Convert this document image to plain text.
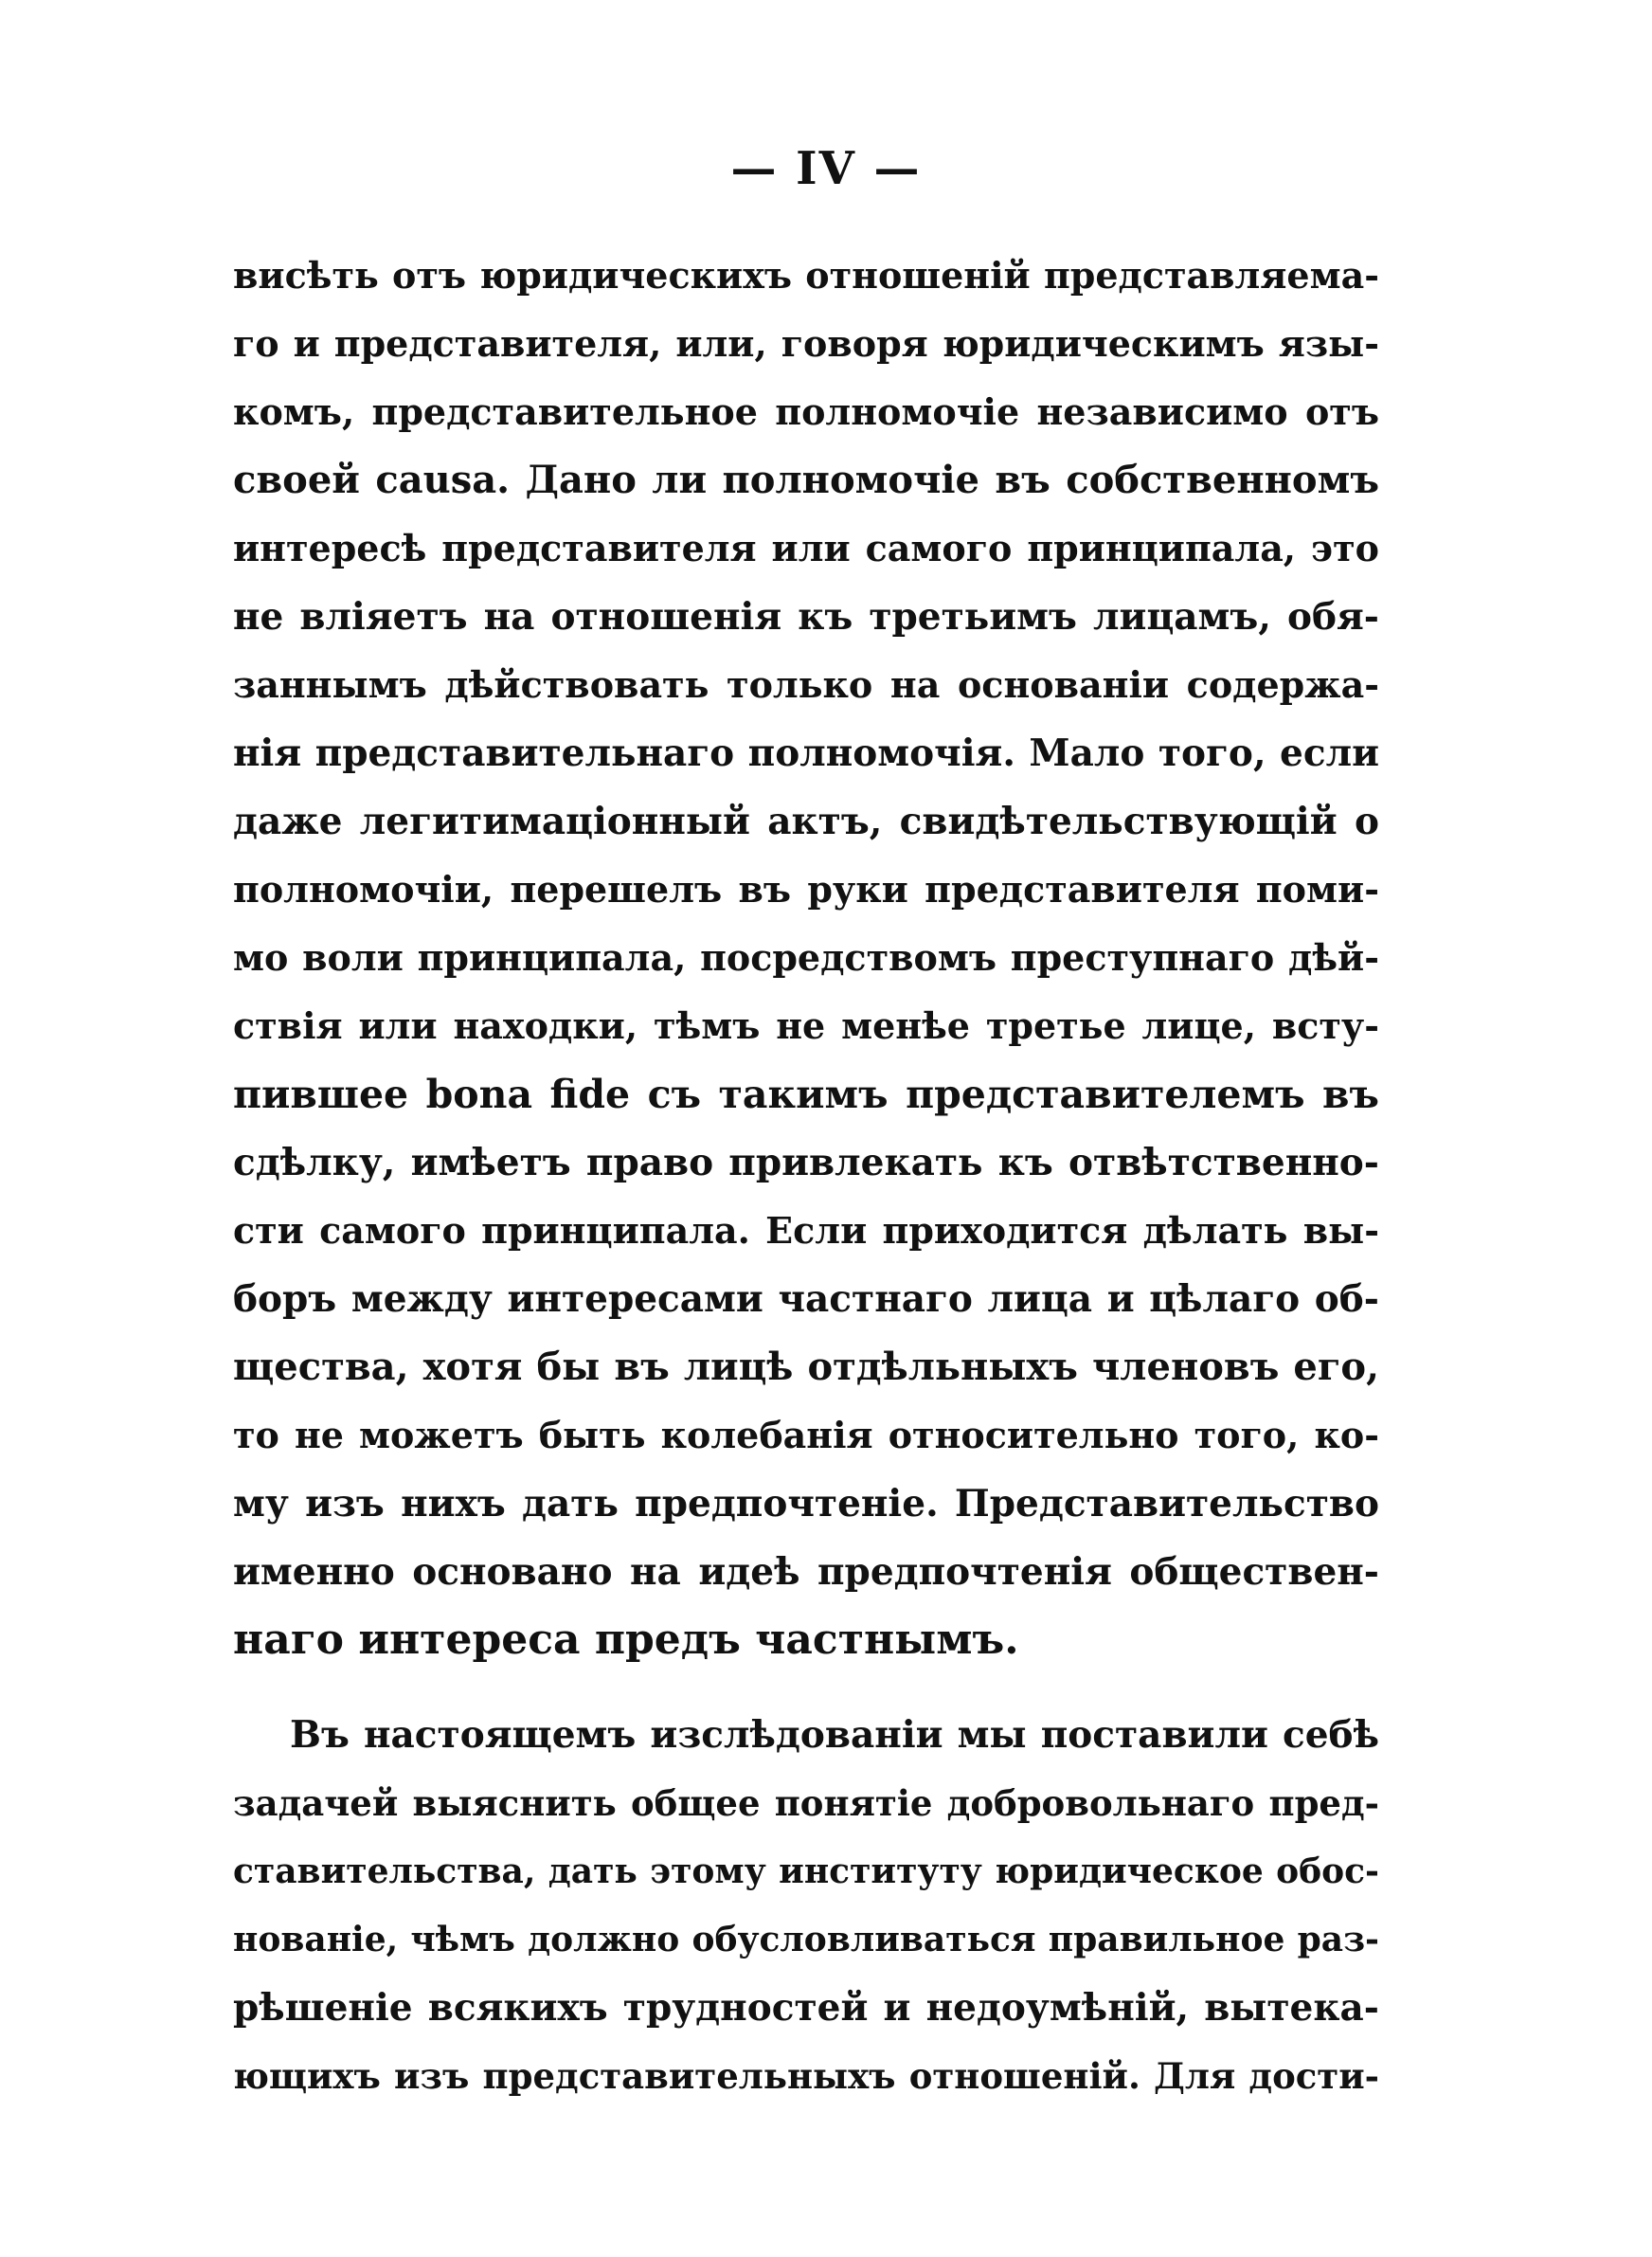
— IV —
висѣть отъ юридическихъ отношеній представляема-
го и представителя, или, говоря юридическимъ язы-
комъ, представительное полномочіе независимо отъ
своей causa. Дано ли полномочіе въ собственномъ
интересѣ представителя или самого принципала, это
не вліяетъ на отношенія къ третьимъ лицамъ, обя-
заннымъ дѣйствовать только на основаніи содержа-
нія представительнаго полномочія. Мало того, если
даже легитимаціонный актъ, свидѣтельствующій о
полномочіи, перешелъ въ руки представителя поми-
мо воли принципала, посредствомъ преступнаго дѣй-
ствія или находки, тѣмъ не менѣе третье лице, всту-
пившее bona fide съ такимъ представителемъ въ
сдѣлку, имѣетъ право привлекать къ отвѣтственно-
сти самого принципала. Если приходится дѣлать вы-
боръ между интересами частнаго лица и цѣлаго об-
щества, хотя бы въ лицѣ отдѣльныхъ членовъ его,
то не можетъ быть колебанія относительно того, ко-
му изъ нихъ дать предпочтеніе. Представительство
именно основано на идеѣ предпочтенія обществен-
наго интереса предъ частнымъ.
Въ настоящемъ изслѣдованіи мы поставили себѣ
задачей выяснить общее понятіе добровольнаго пред-
ставительства, дать этому институту юридическое обос-
нованіе, чѣмъ должно обусловливаться правильное раз-
рѣшеніе всякихъ трудностей и недоумѣній, вытека-
ющихъ изъ представительныхъ отношеній. Для дости-
